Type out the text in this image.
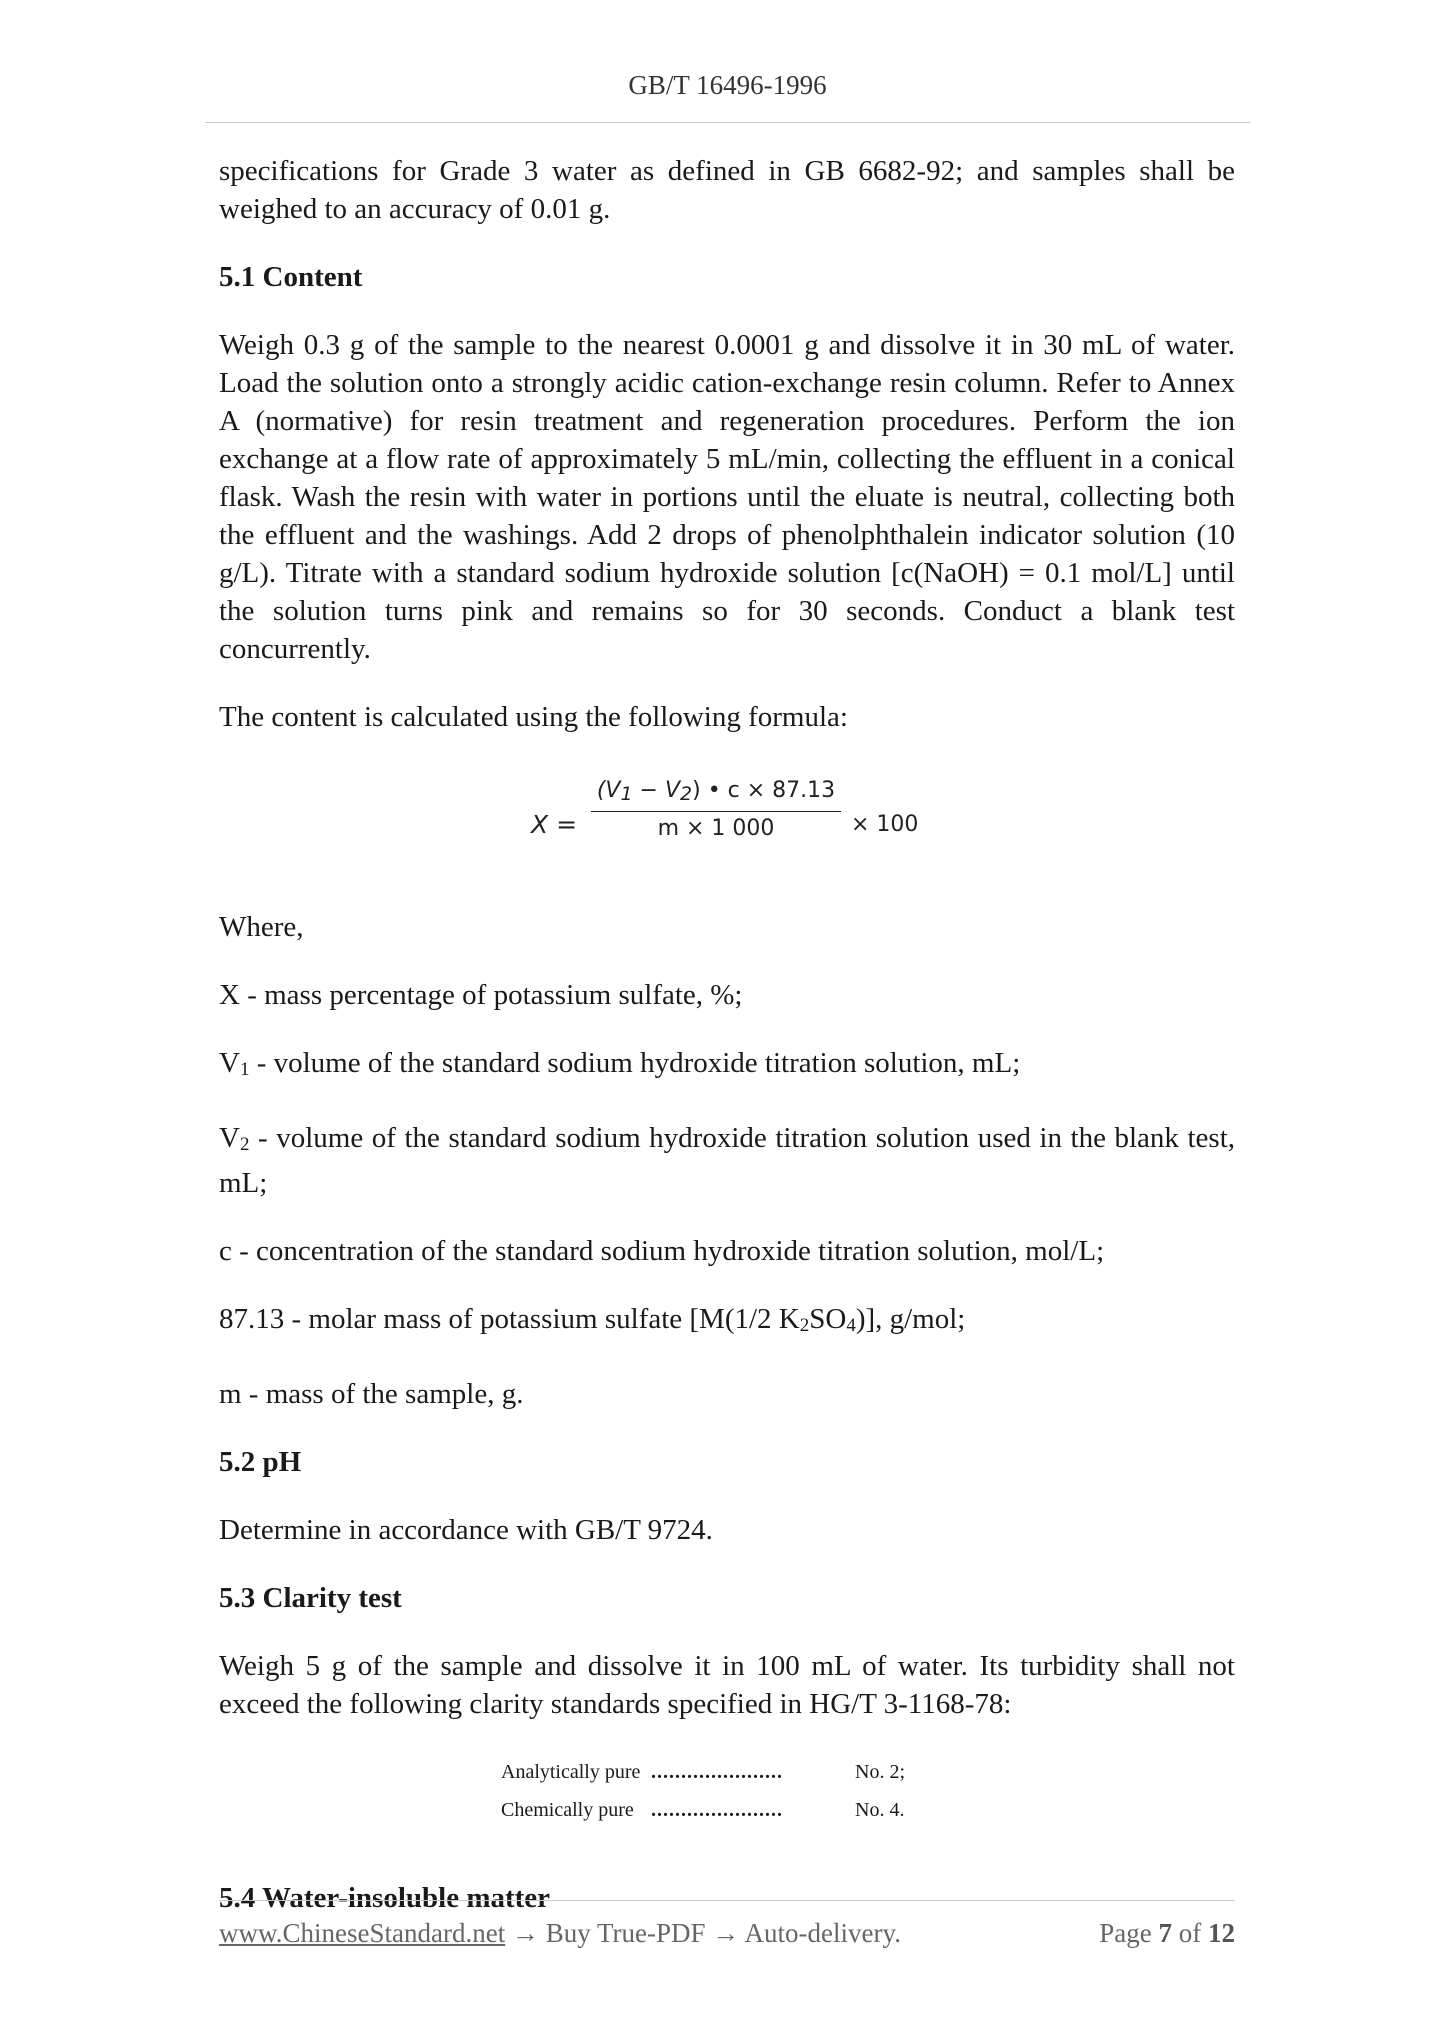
GB/T 16496-1996

specifications for Grade 3 water as defined in GB 6682-92; and samples shall be weighed to an accuracy of 0.01 g.

5.1 Content

Weigh 0.3 g of the sample to the nearest 0.0001 g and dissolve it in 30 mL of water. Load the solution onto a strongly acidic cation-exchange resin column. Refer to Annex A (normative) for resin treatment and regeneration procedures. Perform the ion exchange at a flow rate of approximately 5 mL/min, collecting the effluent in a conical flask. Wash the resin with water in portions until the eluate is neutral, collecting both the effluent and the washings. Add 2 drops of phenolphthalein indicator solution (10 g/L). Titrate with a standard sodium hydroxide solution [c(NaOH) = 0.1 mol/L] until the solution turns pink and remains so for 30 seconds. Conduct a blank test concurrently.

The content is calculated using the following formula:

X =
(V1 − V2) • c × 87.13
m × 1 000	× 100

Where,

X - mass percentage of potassium sulfate, %;

V1 - volume of the standard sodium hydroxide titration solution, mL;

V2 - volume of the standard sodium hydroxide titration solution used in the blank test, mL;

c - concentration of the standard sodium hydroxide titration solution, mol/L;

87.13 - molar mass of potassium sulfate [M(1/2 K2SO4)], g/mol;

m - mass of the sample, g.

5.2 pH

Determine in accordance with GB/T 9724.

5.3 Clarity test

Weigh 5 g of the sample and dissolve it in 100 mL of water. Its turbidity shall not exceed the following clarity standards specified in HG/T 3-1168-78:

Analytically pure ......................	No. 2;
Chemically pure ......................	No. 4.
5.4 Water-insoluble matter
www.ChineseStandard.net → Buy True-PDF → Auto-delivery.	Page 7 of 12
